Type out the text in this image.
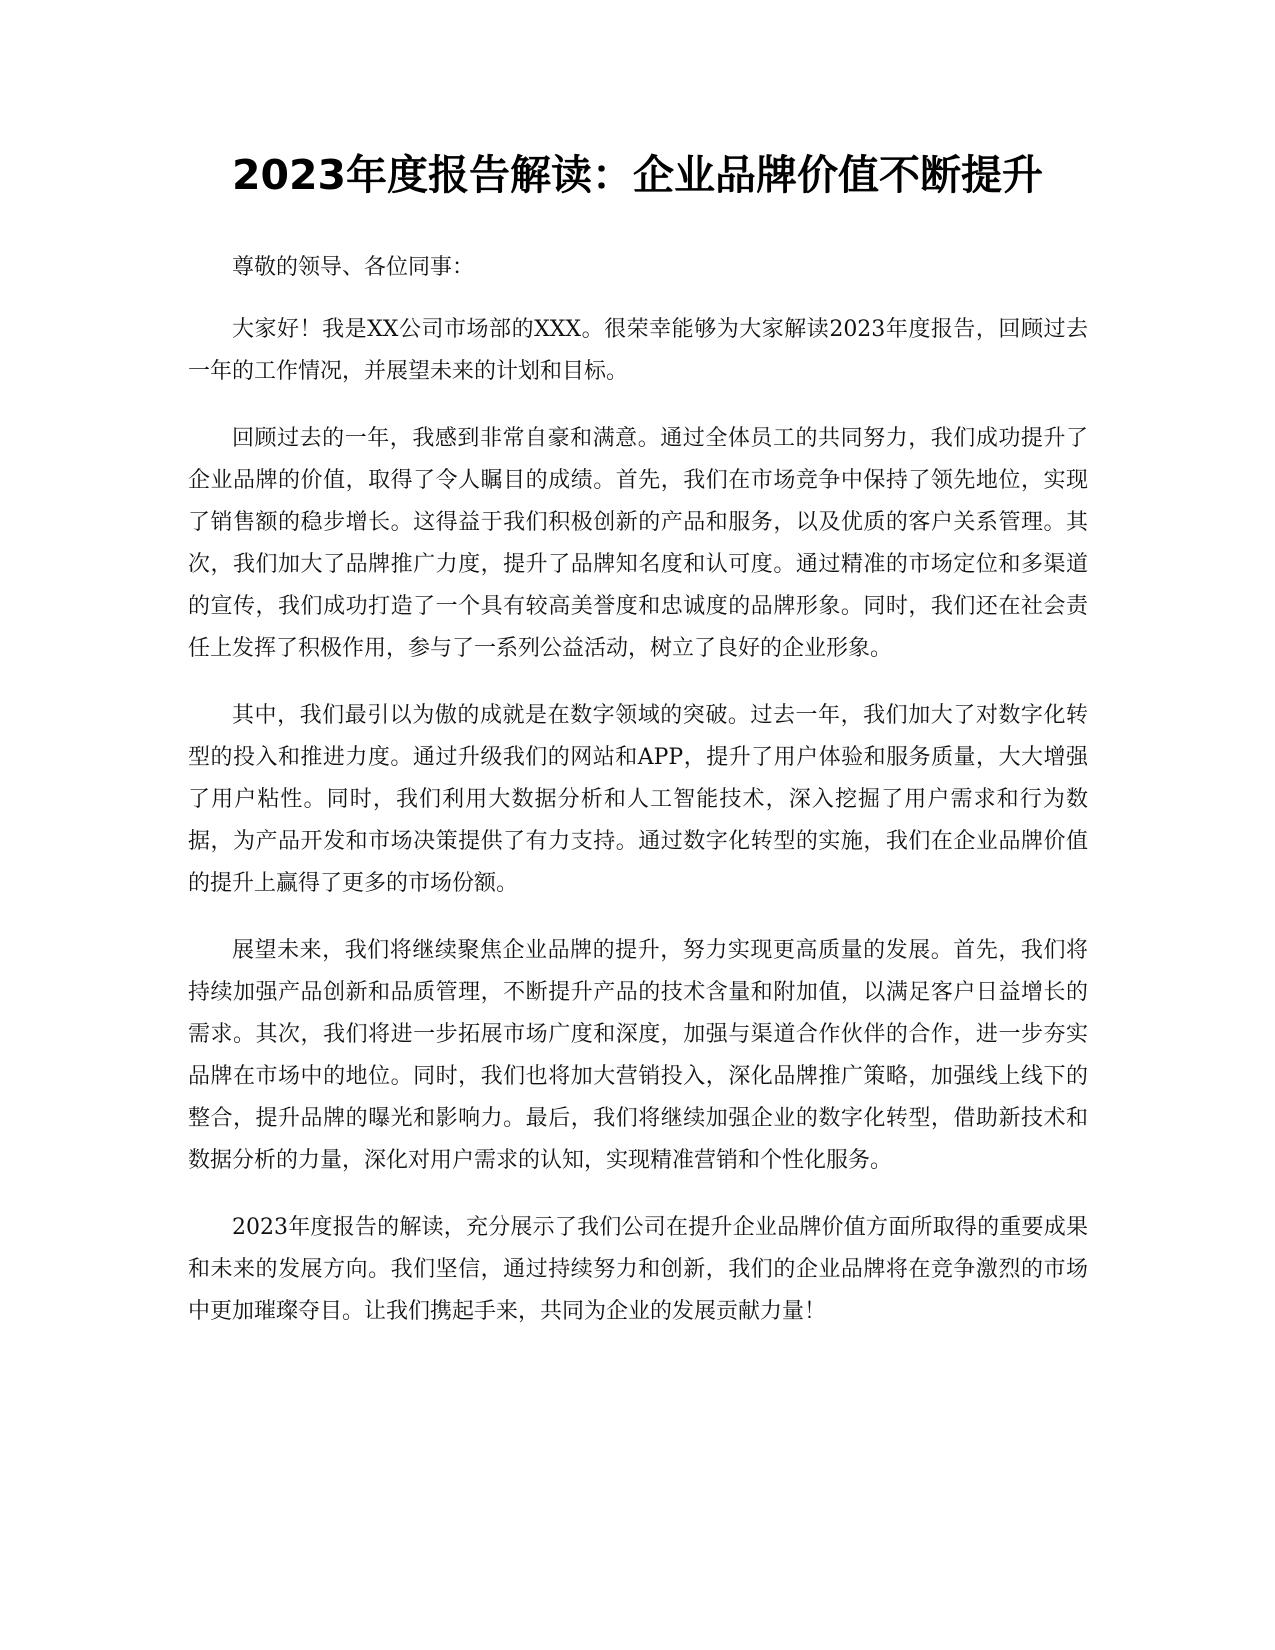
2023年度报告解读：企业品牌价值不断提升

尊敬的领导、各位同事：

大家好！我是XX公司市场部的XXX。很荣幸能够为大家解读2023年度报告，回顾过去一年的工作情况，并展望未来的计划和目标。

回顾过去的一年，我感到非常自豪和满意。通过全体员工的共同努力，我们成功提升了企业品牌的价值，取得了令人瞩目的成绩。首先，我们在市场竞争中保持了领先地位，实现了销售额的稳步增长。这得益于我们积极创新的产品和服务，以及优质的客户关系管理。其次，我们加大了品牌推广力度，提升了品牌知名度和认可度。通过精准的市场定位和多渠道的宣传，我们成功打造了一个具有较高美誉度和忠诚度的品牌形象。同时，我们还在社会责任上发挥了积极作用，参与了一系列公益活动，树立了良好的企业形象。

其中，我们最引以为傲的成就是在数字领域的突破。过去一年，我们加大了对数字化转型的投入和推进力度。通过升级我们的网站和APP，提升了用户体验和服务质量，大大增强了用户粘性。同时，我们利用大数据分析和人工智能技术，深入挖掘了用户需求和行为数据，为产品开发和市场决策提供了有力支持。通过数字化转型的实施，我们在企业品牌价值的提升上赢得了更多的市场份额。

展望未来，我们将继续聚焦企业品牌的提升，努力实现更高质量的发展。首先，我们将持续加强产品创新和品质管理，不断提升产品的技术含量和附加值，以满足客户日益增长的需求。其次，我们将进一步拓展市场广度和深度，加强与渠道合作伙伴的合作，进一步夯实品牌在市场中的地位。同时，我们也将加大营销投入，深化品牌推广策略，加强线上线下的整合，提升品牌的曝光和影响力。最后，我们将继续加强企业的数字化转型，借助新技术和数据分析的力量，深化对用户需求的认知，实现精准营销和个性化服务。

2023年度报告的解读，充分展示了我们公司在提升企业品牌价值方面所取得的重要成果和未来的发展方向。我们坚信，通过持续努力和创新，我们的企业品牌将在竞争激烈的市场中更加璀璨夺目。让我们携起手来，共同为企业的发展贡献力量！
